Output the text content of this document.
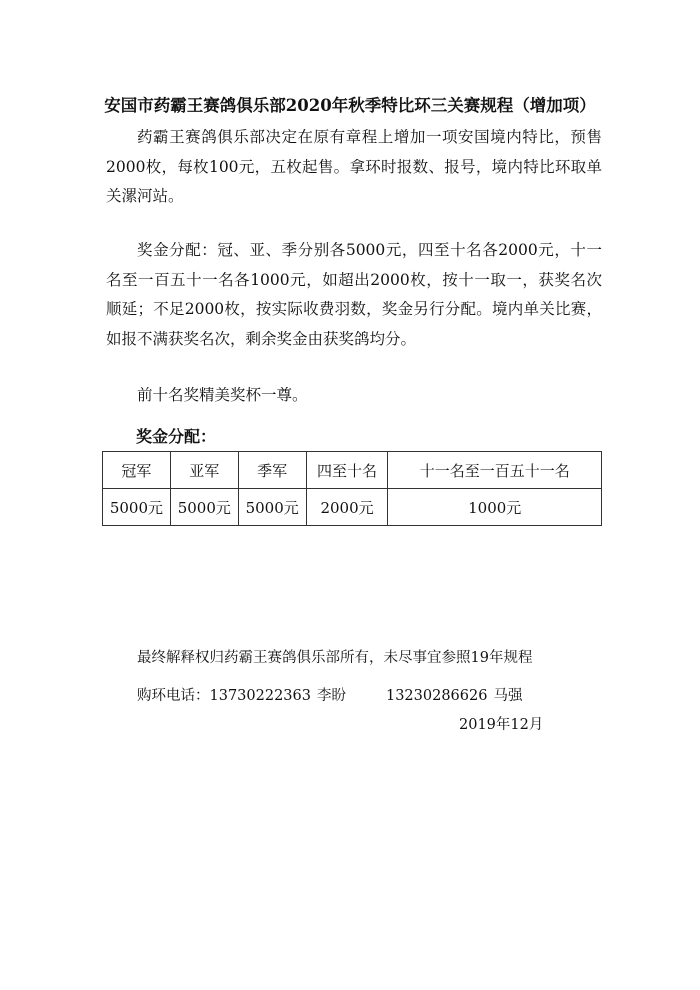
安国市药霸王赛鸽俱乐部2020年秋季特比环三关赛规程（增加项）
药霸王赛鸽俱乐部决定在原有章程上增加一项安国境内特比，预售2000枚，每枚100元，五枚起售。拿环时报数、报号，境内特比环取单关漯河站。
奖金分配：冠、亚、季分别各5000元，四至十名各2000元，十一名至一百五十一名各1000元，如超出2000枚，按十一取一，获奖名次顺延；不足2000枚，按实际收费羽数，奖金另行分配。境内单关比赛，如报不满获奖名次，剩余奖金由获奖鸽均分。
前十名奖精美奖杯一尊。
奖金分配：
冠军	亚军	季军	四至十名	十一名至一百五十一名
5000元	5000元	5000元	2000元	1000元
最终解释权归药霸王赛鸽俱乐部所有，未尽事宜参照19年规程
购环电话：13730222363 李盼	13230286626 马强
2019年12月
